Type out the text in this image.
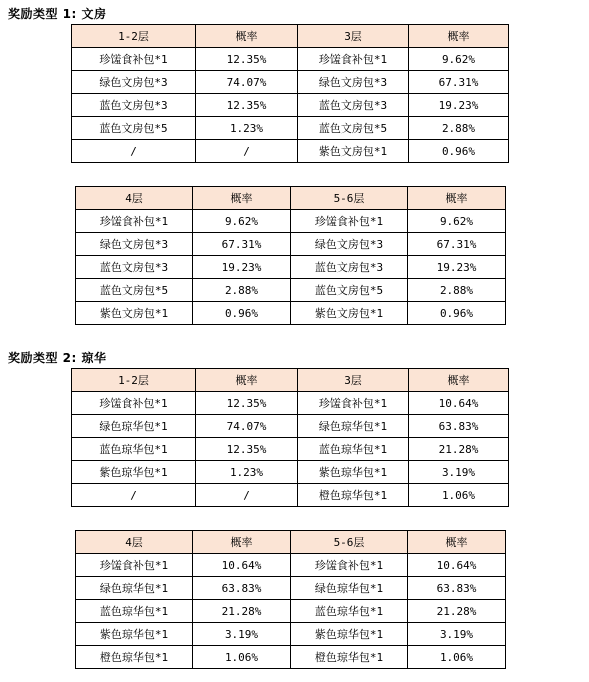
奖励类型 1: 文房
1-2层	概率	3层	概率
珍馐食补包*1	12.35%	珍馐食补包*1	9.62%
绿色文房包*3	74.07%	绿色文房包*3	67.31%
蓝色文房包*3	12.35%	蓝色文房包*3	19.23%
蓝色文房包*5	1.23%	蓝色文房包*5	2.88%
/	/	紫色文房包*1	0.96%
4层	概率	5-6层	概率
珍馐食补包*1	9.62%	珍馐食补包*1	9.62%
绿色文房包*3	67.31%	绿色文房包*3	67.31%
蓝色文房包*3	19.23%	蓝色文房包*3	19.23%
蓝色文房包*5	2.88%	蓝色文房包*5	2.88%
紫色文房包*1	0.96%	紫色文房包*1	0.96%
奖励类型 2: 琼华
1-2层	概率	3层	概率
珍馐食补包*1	12.35%	珍馐食补包*1	10.64%
绿色琼华包*1	74.07%	绿色琼华包*1	63.83%
蓝色琼华包*1	12.35%	蓝色琼华包*1	21.28%
紫色琼华包*1	1.23%	紫色琼华包*1	3.19%
/	/	橙色琼华包*1	1.06%
4层	概率	5-6层	概率
珍馐食补包*1	10.64%	珍馐食补包*1	10.64%
绿色琼华包*1	63.83%	绿色琼华包*1	63.83%
蓝色琼华包*1	21.28%	蓝色琼华包*1	21.28%
紫色琼华包*1	3.19%	紫色琼华包*1	3.19%
橙色琼华包*1	1.06%	橙色琼华包*1	1.06%
